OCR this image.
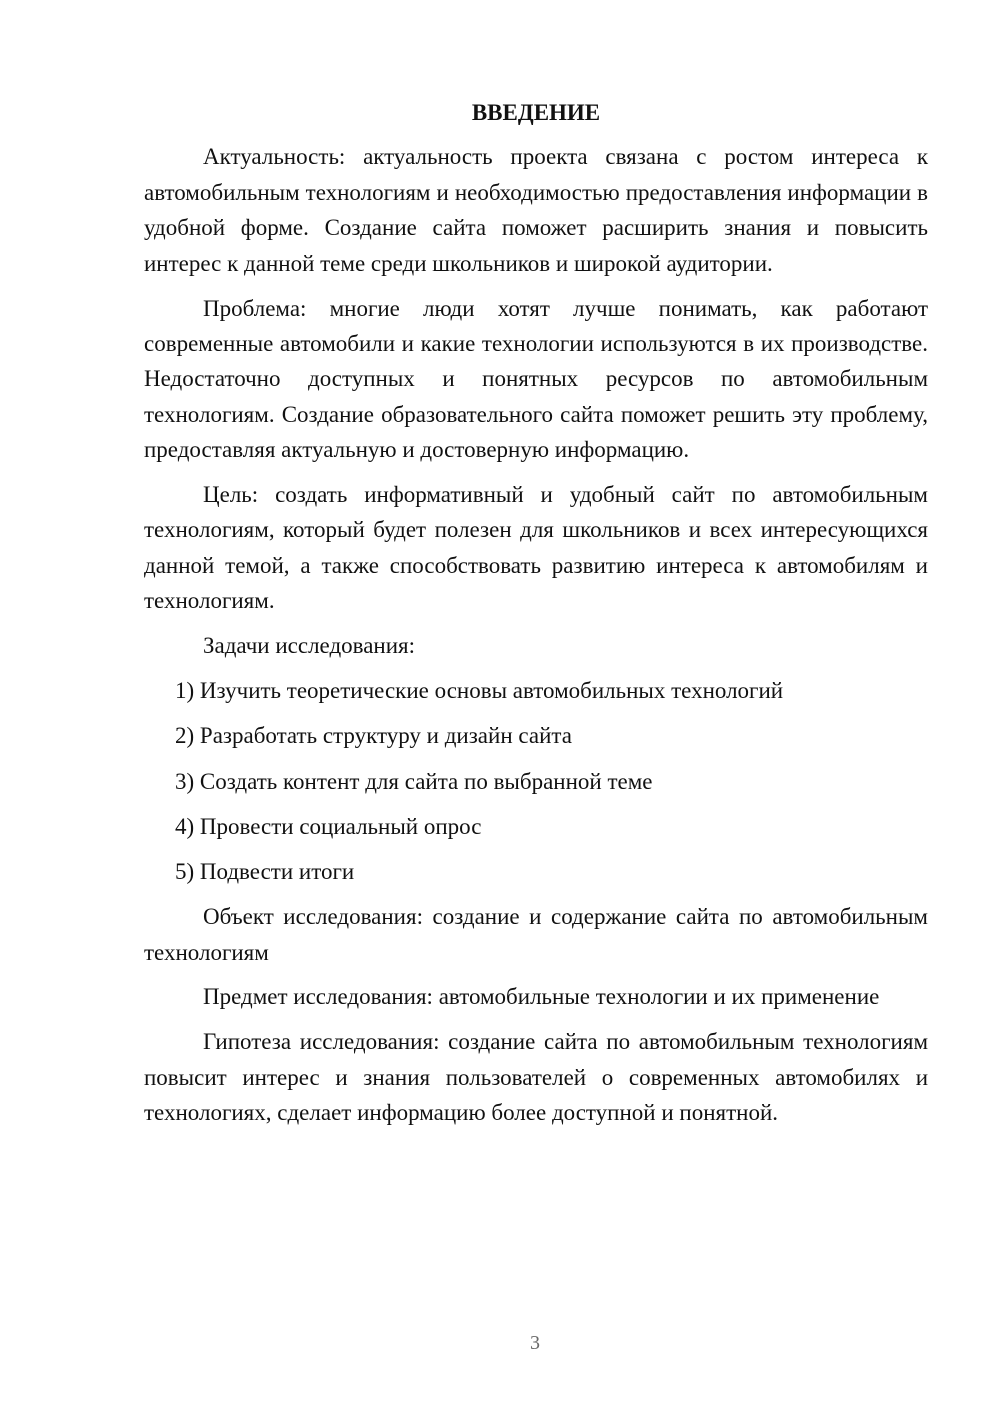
ВВЕДЕНИЕ

Актуальность: актуальность проекта связана с ростом интереса к автомобильным технологиям и необходимостью предоставления информации в удобной форме. Создание сайта поможет расширить знания и повысить интерес к данной теме среди школьников и широкой аудитории.

Проблема: многие люди хотят лучше понимать, как работают современные автомобили и какие технологии используются в их производстве. Недостаточно доступных и понятных ресурсов по автомобильным технологиям. Создание образовательного сайта поможет решить эту проблему, предоставляя актуальную и достоверную информацию.

Цель: создать информативный и удобный сайт по автомобильным технологиям, который будет полезен для школьников и всех интересующихся данной темой, а также способствовать развитию интереса к автомобилям и технологиям.

Задачи исследования:

1) Изучить теоретические основы автомобильных технологий
2) Разработать структуру и дизайн сайта
3) Создать контент для сайта по выбранной теме
4) Провести социальный опрос
5) Подвести итоги

Объект исследования: создание и содержание сайта по автомобильным технологиям

Предмет исследования: автомобильные технологии и их применение

Гипотеза исследования: создание сайта по автомобильным технологиям повысит интерес и знания пользователей о современных автомобилях и технологиях, сделает информацию более доступной и понятной.

3
